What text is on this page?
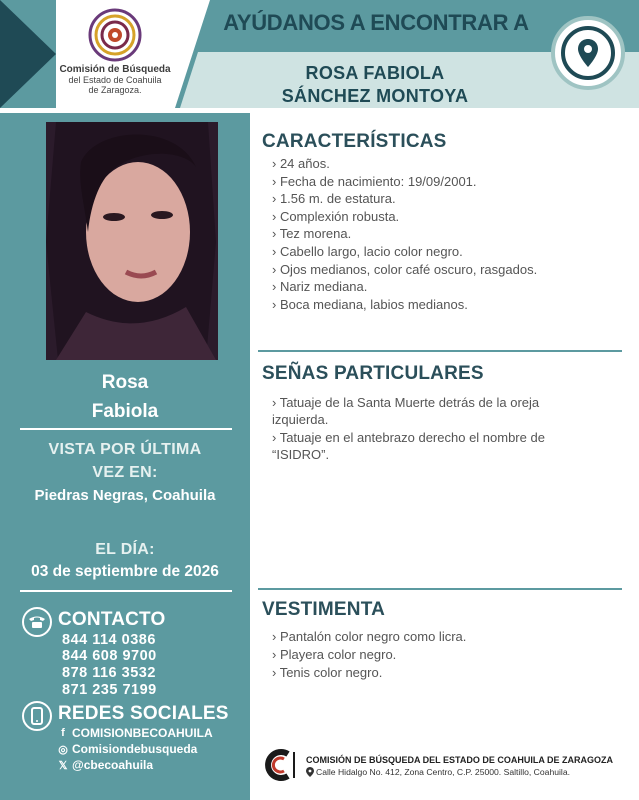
Comisión de Búsqueda
del Estado de Coahuila
de Zaragoza.
AYÚDANOS A ENCONTRAR A
ROSA FABIOLA
SÁNCHEZ MONTOYA
Rosa
Fabiola
VISTA POR ÚLTIMA
VEZ EN:
Piedras Negras, Coahuila
EL DÍA:
03 de septiembre de 2026
CONTACTO
844 114 0386
844 608 9700
878 116 3532
871 235 7199
REDES SOCIALES
f COMISIONBECOAHUILA
◎ Comisiondebusqueda
𝕏 @cbecoahuila
CARACTERÍSTICAS
› 24 años.
› Fecha de nacimiento: 19/09/2001.
› 1.56 m. de estatura.
› Complexión robusta.
› Tez morena.
› Cabello largo, lacio color negro.
› Ojos medianos, color café oscuro, rasgados.
› Nariz mediana.
› Boca mediana, labios medianos.
SEÑAS PARTICULARES
› Tatuaje de la Santa Muerte detrás de la oreja
izquierda.
› Tatuaje en el antebrazo derecho el nombre de
“ISIDRO”.
VESTIMENTA
› Pantalón color negro como licra.
› Playera color negro.
› Tenis color negro.
COMISIÓN DE BÚSQUEDA DEL ESTADO DE COAHUILA DE ZARAGOZA
Calle Hidalgo No. 412, Zona Centro, C.P. 25000. Saltillo, Coahuila.
